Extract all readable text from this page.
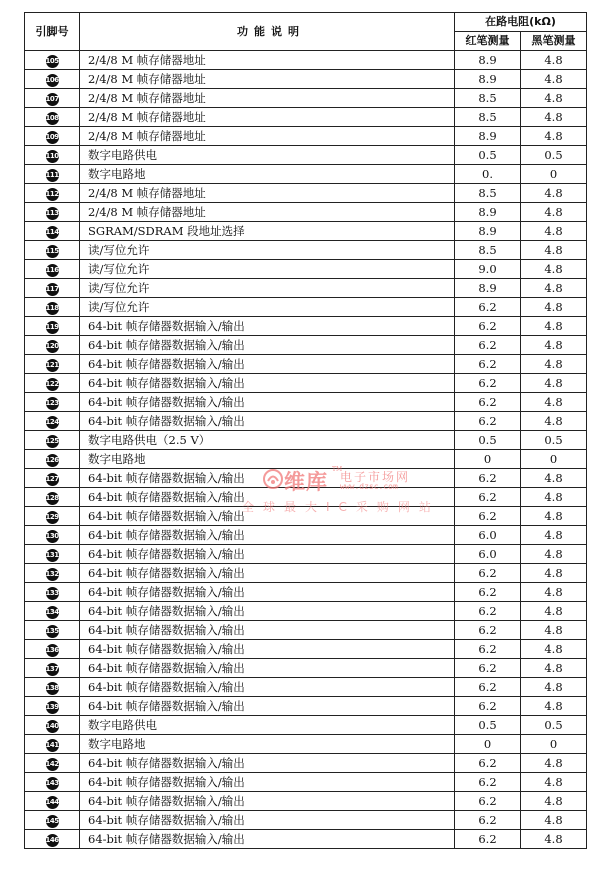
引脚号	功能说明	在路电阻(kΩ)	
		红笔测量	黑笔测量
105	2/4/8 M 帧存储器地址	8.9	4.8
106	2/4/8 M 帧存储器地址	8.9	4.8
107	2/4/8 M 帧存储器地址	8.5	4.8
108	2/4/8 M 帧存储器地址	8.5	4.8
109	2/4/8 M 帧存储器地址	8.9	4.8
110	数字电路供电	0.5	0.5
111	数字电路地	0.	0
112	2/4/8 M 帧存储器地址	8.5	4.8
113	2/4/8 M 帧存储器地址	8.9	4.8
114	SGRAM/SDRAM 段地址选择	8.9	4.8
115	读/写位允许	8.5	4.8
116	读/写位允许	9.0	4.8
117	读/写位允许	8.9	4.8
118	读/写位允许	6.2	4.8
119	64-bit 帧存储器数据输入/输出	6.2	4.8
120	64-bit 帧存储器数据输入/输出	6.2	4.8
121	64-bit 帧存储器数据输入/输出	6.2	4.8
122	64-bit 帧存储器数据输入/输出	6.2	4.8
123	64-bit 帧存储器数据输入/输出	6.2	4.8
124	64-bit 帧存储器数据输入/输出	6.2	4.8
125	数字电路供电（2.5 V）	0.5	0.5
126	数字电路地	0	0
127	64-bit 帧存储器数据输入/输出	6.2	4.8
128	64-bit 帧存储器数据输入/输出	6.2	4.8
129	64-bit 帧存储器数据输入/输出	6.2	4.8
130	64-bit 帧存储器数据输入/输出	6.0	4.8
131	64-bit 帧存储器数据输入/输出	6.0	4.8
132	64-bit 帧存储器数据输入/输出	6.2	4.8
133	64-bit 帧存储器数据输入/输出	6.2	4.8
134	64-bit 帧存储器数据输入/输出	6.2	4.8
135	64-bit 帧存储器数据输入/输出	6.2	4.8
136	64-bit 帧存储器数据输入/输出	6.2	4.8
137	64-bit 帧存储器数据输入/输出	6.2	4.8
138	64-bit 帧存储器数据输入/输出	6.2	4.8
139	64-bit 帧存储器数据输入/输出	6.2	4.8
140	数字电路供电	0.5	0.5
141	数字电路地	0	0
142	64-bit 帧存储器数据输入/输出	6.2	4.8
143	64-bit 帧存储器数据输入/输出	6.2	4.8
144	64-bit 帧存储器数据输入/输出	6.2	4.8
145	64-bit 帧存储器数据输入/输出	6.2	4.8
146	64-bit 帧存储器数据输入/输出	6.2	4.8
维库
TM
电子市场网
www.dzsc.com
全球最大IC采购网站
